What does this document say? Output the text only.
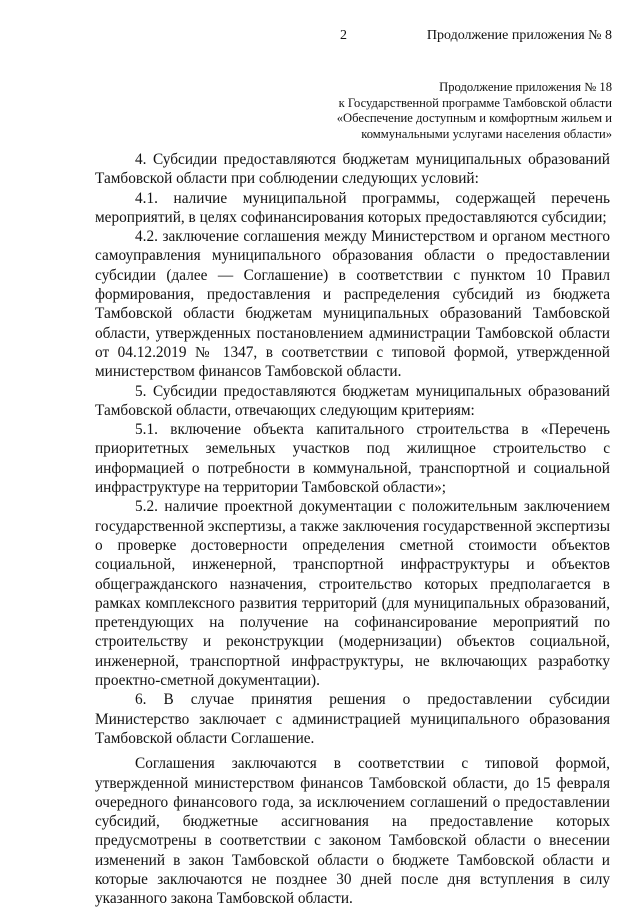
2	Продолжение приложения № 8
Продолжение приложения № 18
к Государственной программе Тамбовской области
«Обеспечение доступным и комфортным жильем и
коммунальными услугами населения области»

4. Субсидии предоставляются бюджетам муниципальных образований Тамбовской области при соблюдении следующих условий:

4.1. наличие муниципальной программы, содержащей перечень мероприятий, в целях софинансирования которых предоставляются субсидии;

4.2. заключение соглашения между Министерством и органом местного самоуправления муниципального образования области о предоставлении субсидии (далее — Соглашение) в соответствии с пунктом 10 Правил формирования, предоставления и распределения субсидий из бюджета Тамбовской области бюджетам муниципальных образований Тамбовской области, утвержденных постановлением администрации Тамбовской области от 04.12.2019 № 1347, в соответствии с типовой формой, утвержденной министерством финансов Тамбовской области.

5. Субсидии предоставляются бюджетам муниципальных образований Тамбовской области, отвечающих следующим критериям:

5.1. включение объекта капитального строительства в «Перечень приоритетных земельных участков под жилищное строительство с информацией о потребности в коммунальной, транспортной и социальной инфраструктуре на территории Тамбовской области»;

5.2. наличие проектной документации с положительным заключением государственной экспертизы, а также заключения государственной экспертизы о проверке достоверности определения сметной стоимости объектов социальной, инженерной, транспортной инфраструктуры и объектов общегражданского назначения, строительство которых предполагается в рамках комплексного развития территорий (для муниципальных образований, претендующих на получение на софинансирование мероприятий по строительству и реконструкции (модернизации) объектов социальной, инженерной, транспортной инфраструктуры, не включающих разработку проектно-сметной документации).

6. В случае принятия решения о предоставлении субсидии Министерство заключает с администрацией муниципального образования Тамбовской области Соглашение.

Соглашения заключаются в соответствии с типовой формой, утвержденной министерством финансов Тамбовской области, до 15 февраля очередного финансового года, за исключением соглашений о предоставлении субсидий, бюджетные ассигнования на предоставление которых предусмотрены в соответствии с законом Тамбовской области о внесении изменений в закон Тамбовской области о бюджете Тамбовской области и которые заключаются не позднее 30 дней после дня вступления в силу указанного закона Тамбовской области.
